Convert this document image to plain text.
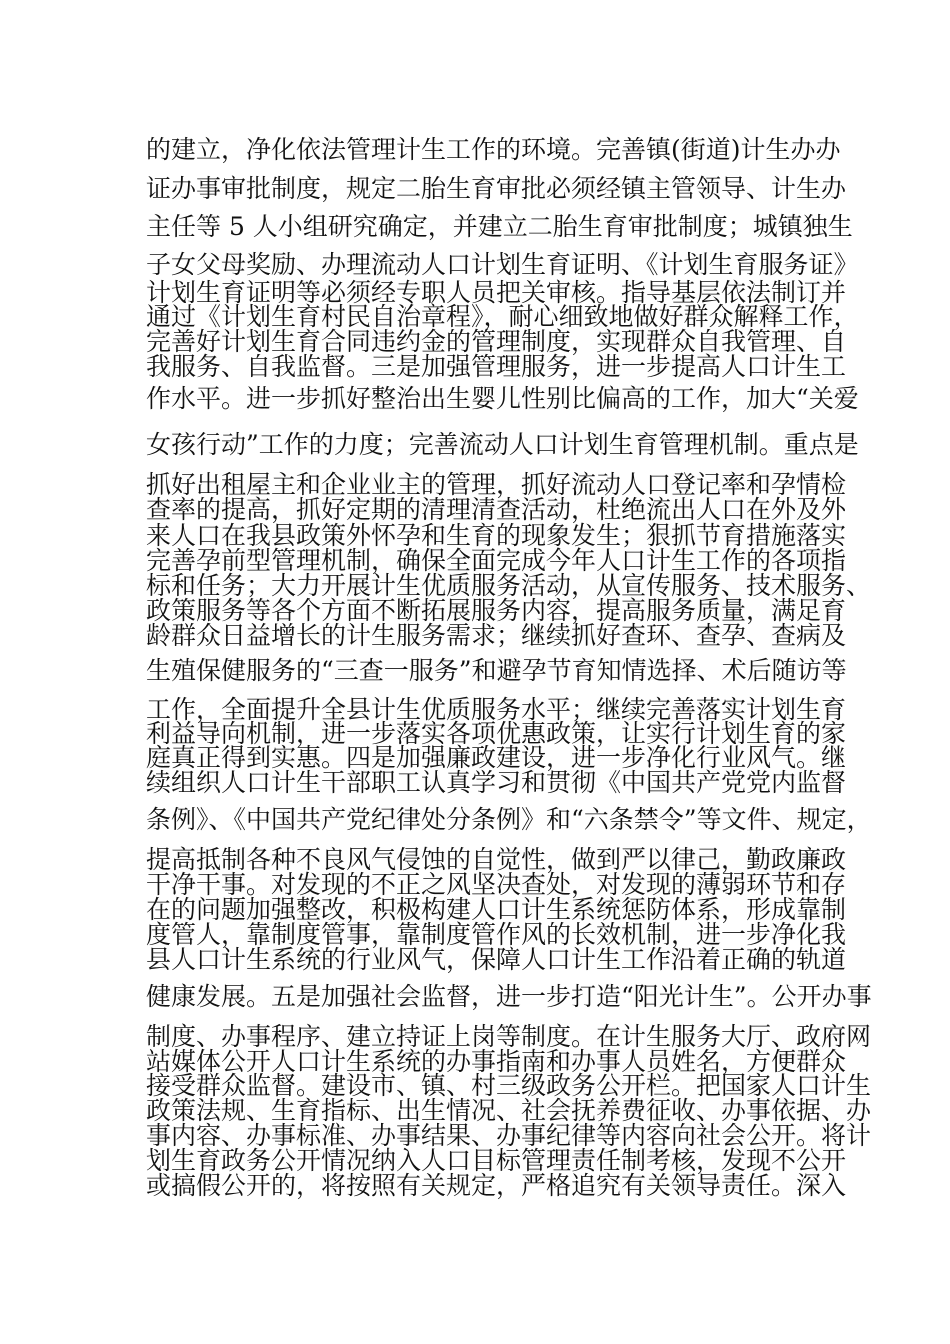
的建立，净化依法管理计生工作的环境。完善镇(街道)计生办办
证办事审批制度，规定二胎生育审批必须经镇主管领导、计生办
主任等 5 人小组研究确定，并建立二胎生育审批制度；城镇独生
子女父母奖励、办理流动人口计划生育证明、《计划生育服务证》
计划生育证明等必须经专职人员把关审核。指导基层依法制订并
通过《计划生育村民自治章程》，耐心细致地做好群众解释工作，
完善好计划生育合同违约金的管理制度，实现群众自我管理、自
我服务、自我监督。三是加强管理服务，进一步提高人口计生工
作水平。进一步抓好整治出生婴儿性别比偏高的工作，加大“关爱
女孩行动”工作的力度；完善流动人口计划生育管理机制。重点是
抓好出租屋主和企业业主的管理，抓好流动人口登记率和孕情检
查率的提高，抓好定期的清理清查活动，杜绝流出人口在外及外
来人口在我县政策外怀孕和生育的现象发生；狠抓节育措施落实
完善孕前型管理机制，确保全面完成今年人口计生工作的各项指
标和任务；大力开展计生优质服务活动，从宣传服务、技术服务、
政策服务等各个方面不断拓展服务内容，提高服务质量，满足育
龄群众日益增长的计生服务需求；继续抓好查环、查孕、查病及
生殖保健服务的“三查一服务”和避孕节育知情选择、术后随访等
工作，全面提升全县计生优质服务水平；继续完善落实计划生育
利益导向机制，进一步落实各项优惠政策，让实行计划生育的家
庭真正得到实惠。四是加强廉政建设，进一步净化行业风气。继
续组织人口计生干部职工认真学习和贯彻《中国共产党党内监督
条例》、《中国共产党纪律处分条例》和“六条禁令”等文件、规定，
提高抵制各种不良风气侵蚀的自觉性，做到严以律己，勤政廉政
干净干事。对发现的不正之风坚决查处，对发现的薄弱环节和存
在的问题加强整改，积极构建人口计生系统惩防体系，形成靠制
度管人，靠制度管事，靠制度管作风的长效机制，进一步净化我
县人口计生系统的行业风气，保障人口计生工作沿着正确的轨道
健康发展。五是加强社会监督，进一步打造“阳光计生”。公开办事
制度、办事程序、建立持证上岗等制度。在计生服务大厅、政府网
站媒体公开人口计生系统的办事指南和办事人员姓名，方便群众
接受群众监督。建设市、镇、村三级政务公开栏。把国家人口计生
政策法规、生育指标、出生情况、社会抚养费征收、办事依据、办
事内容、办事标准、办事结果、办事纪律等内容向社会公开。将计
划生育政务公开情况纳入人口目标管理责任制考核，发现不公开
或搞假公开的，将按照有关规定，严格追究有关领导责任。深入
